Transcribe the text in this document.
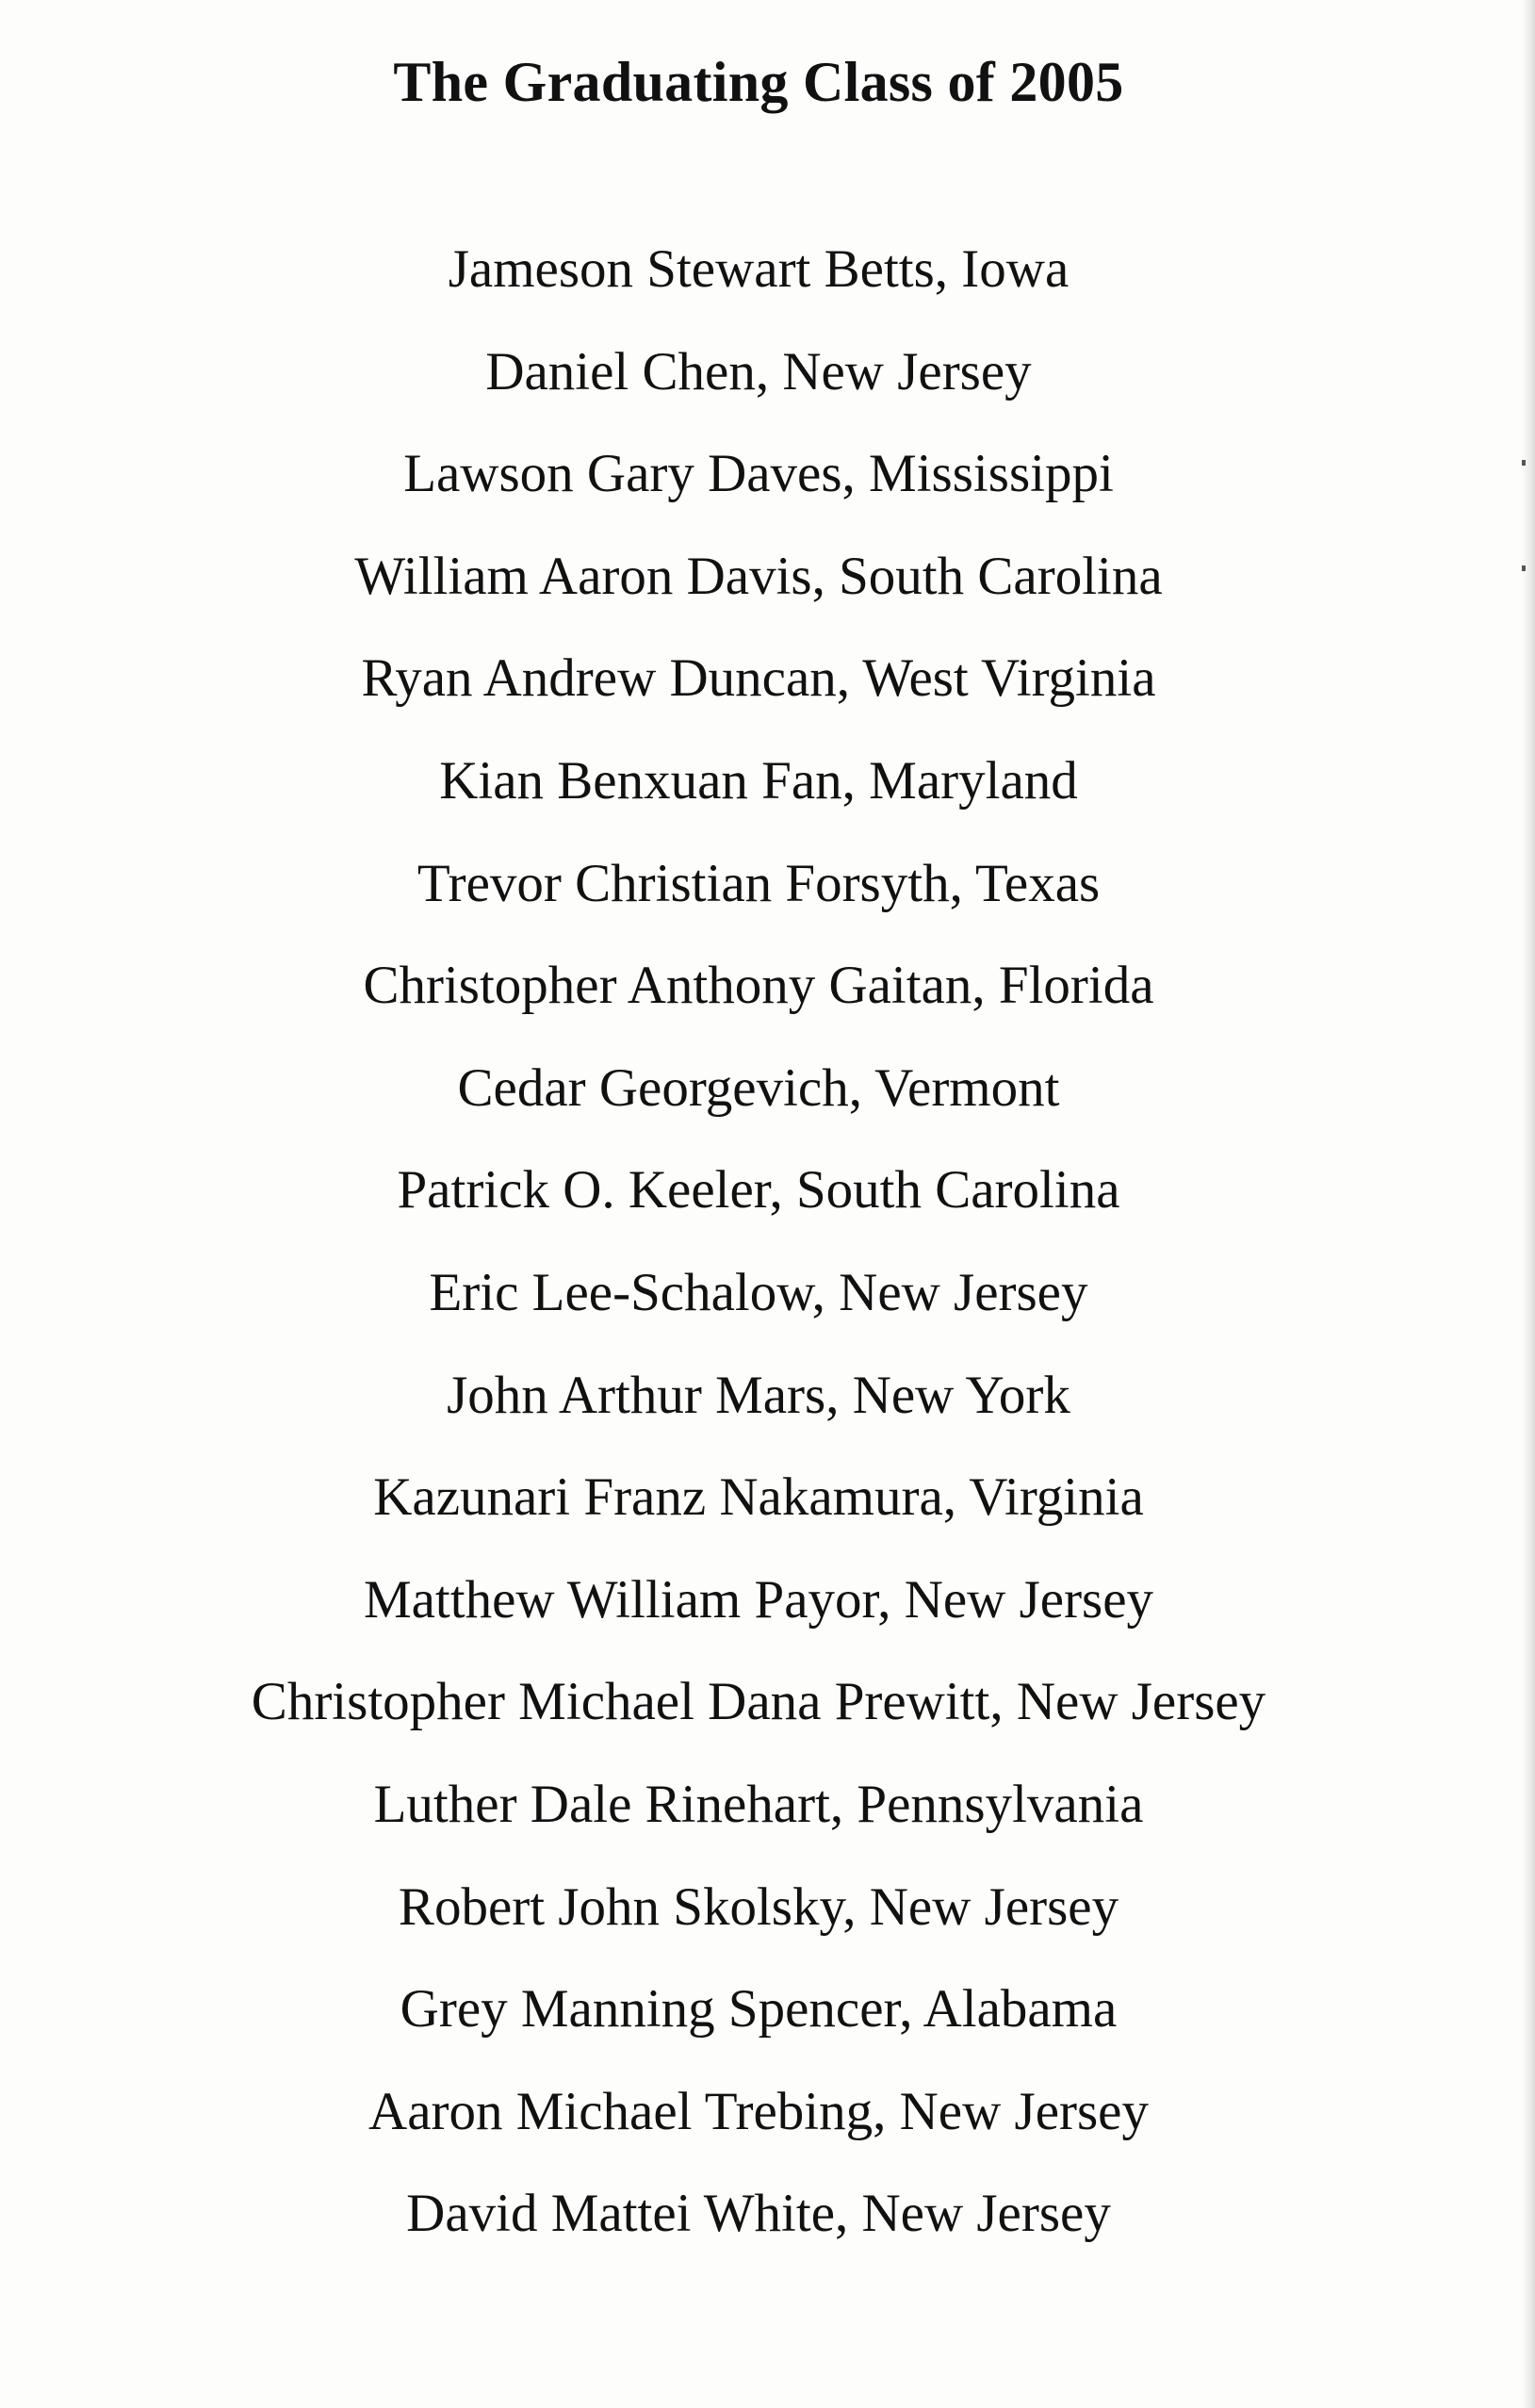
The Graduating Class of 2005
Jameson Stewart Betts, Iowa
Daniel Chen, New Jersey
Lawson Gary Daves, Mississippi
William Aaron Davis, South Carolina
Ryan Andrew Duncan, West Virginia
Kian Benxuan Fan, Maryland
Trevor Christian Forsyth, Texas
Christopher Anthony Gaitan, Florida
Cedar Georgevich, Vermont
Patrick O. Keeler, South Carolina
Eric Lee-Schalow, New Jersey
John Arthur Mars, New York
Kazunari Franz Nakamura, Virginia
Matthew William Payor, New Jersey
Christopher Michael Dana Prewitt, New Jersey
Luther Dale Rinehart, Pennsylvania
Robert John Skolsky, New Jersey
Grey Manning Spencer, Alabama
Aaron Michael Trebing, New Jersey
David Mattei White, New Jersey
